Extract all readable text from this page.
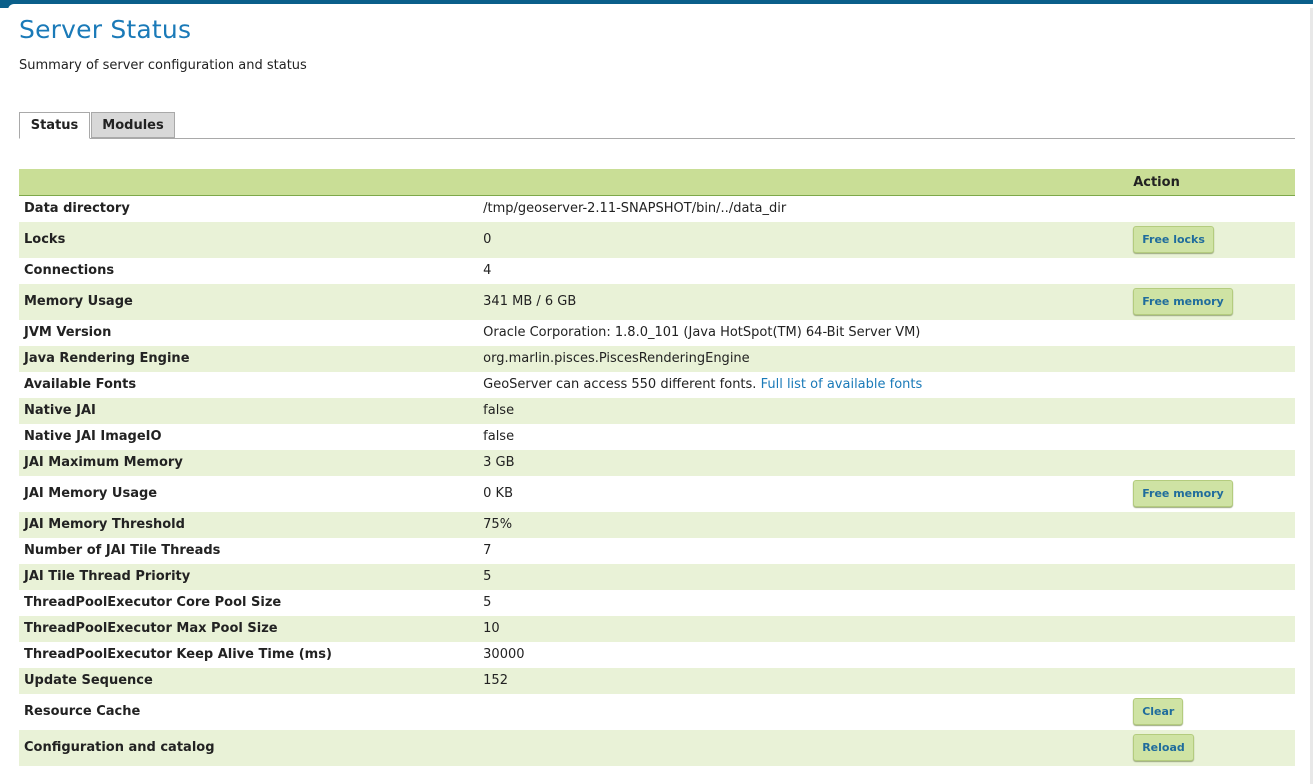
Server Status
Summary of server configuration and status
Status	Modules
		Action
Data directory	/tmp/geoserver-2.11-SNAPSHOT/bin/../data_dir	
Locks	0	Free locks
Connections	4	
Memory Usage	341 MB / 6 GB	Free memory
JVM Version	Oracle Corporation: 1.8.0_101 (Java HotSpot(TM) 64-Bit Server VM)	
Java Rendering Engine	org.marlin.pisces.PiscesRenderingEngine	
Available Fonts	GeoServer can access 550 different fonts. Full list of available fonts	
Native JAI	false	
Native JAI ImageIO	false	
JAI Maximum Memory	3 GB	
JAI Memory Usage	0 KB	Free memory
JAI Memory Threshold	75%	
Number of JAI Tile Threads	7	
JAI Tile Thread Priority	5	
ThreadPoolExecutor Core Pool Size	5	
ThreadPoolExecutor Max Pool Size	10	
ThreadPoolExecutor Keep Alive Time (ms)	30000	
Update Sequence	152	
Resource Cache		Clear
Configuration and catalog		Reload
